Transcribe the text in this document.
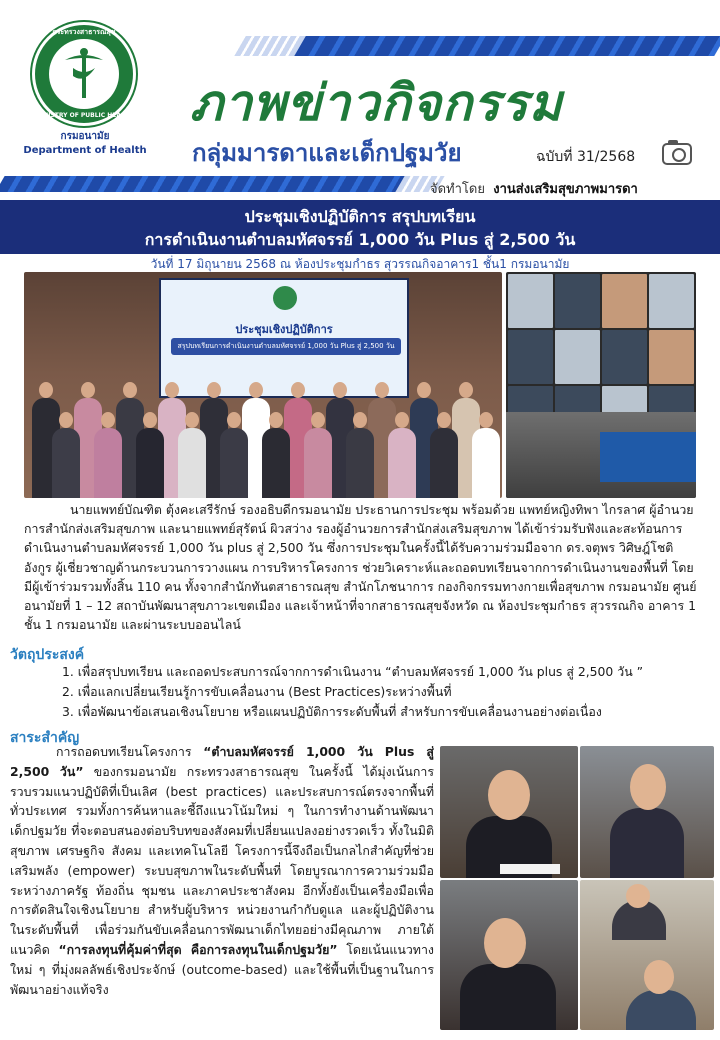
กระทรวงสาธารณสุข
MINISTRY OF PUBLIC HEALTH
กรมอนามัย
Department of Health
ภาพข่าวกิจกรรม
กลุ่มมารดาและเด็กปฐมวัย	ฉบับที่ 31/2568
จัดทำโดย งานส่งเสริมสุขภาพมารดา
ประชุมเชิงปฏิบัติการ สรุปบทเรียน
การดำเนินงานตำบลมหัศจรรย์ 1,000 วัน Plus สู่ 2,500 วัน
วันที่ 17 มิถุนายน 2568 ณ ห้องประชุมกำธร สุวรรณกิจอาคาร1 ชั้น1 กรมอนามัย
ประชุมเชิงปฏิบัติการ
สรุปบทเรียนการดำเนินงานตำบลมหัศจรรย์ 1,000 วัน Plus สู่ 2,500 วัน
นายแพทย์บัณฑิต ตุ้งคะเสรีรักษ์ รองอธิบดีกรมอนามัย ประธานการประชุม พร้อมด้วย แพทย์หญิงทิพา ไกรลาศ ผู้อำนวยการสำนักส่งเสริมสุขภาพ และนายแพทย์สุรัตน์ ผิวสว่าง รองผู้อำนวยการสำนักส่งเสริมสุขภาพ ได้เข้าร่วมรับฟังและสะท้อนการดำเนินงานตำบลมหัศจรรย์ 1,000 วัน plus สู่ 2,500 วัน ซึ่งการประชุมในครั้งนี้ได้รับความร่วมมือจาก ดร.จตุพร วิศิษฎ์โชติอังกูร ผู้เชี่ยวชาญด้านกระบวนการวางแผน การบริหารโครงการ ช่วยวิเคราะห์และถอดบทเรียนจากการดำเนินงานของพื้นที่ โดยมีผู้เข้าร่วมรวมทั้งสิ้น 110 คน ทั้งจากสำนักทันตสาธารณสุข สำนักโภชนาการ กองกิจกรรมทางกายเพื่อสุขภาพ กรมอนามัย ศูนย์อนามัยที่ 1 – 12 สถาบันพัฒนาสุขภาวะเขตเมือง และเจ้าหน้าที่จากสาธารณสุขจังหวัด ณ ห้องประชุมกำธร สุวรรณกิจ อาคาร 1 ชั้น 1 กรมอนามัย และผ่านระบบออนไลน์
วัตถุประสงค์
1. เพื่อสรุปบทเรียน และถอดประสบการณ์จากการดำเนินงาน “ตำบลมหัศจรรย์ 1,000 วัน plus สู่ 2,500 วัน ”
2. เพื่อแลกเปลี่ยนเรียนรู้การขับเคลื่อนงาน (Best Practices)ระหว่างพื้นที่
3. เพื่อพัฒนาข้อเสนอเชิงนโยบาย หรือแผนปฏิบัติการระดับพื้นที่ สำหรับการขับเคลื่อนงานอย่างต่อเนื่อง
สาระสำคัญ
การถอดบทเรียนโครงการ “ตำบลมหัศจรรย์ 1,000 วัน Plus สู่ 2,500 วัน” ของกรมอนามัย กระทรวงสาธารณสุข ในครั้งนี้ ได้มุ่งเน้นการรวบรวมแนวปฏิบัติที่เป็นเลิศ (best practices) และประสบการณ์ตรงจากพื้นที่ทั่วประเทศ รวมทั้งการค้นหาและชี้ถึงแนวโน้มใหม่ ๆ ในการทำงานด้านพัฒนาเด็กปฐมวัย ที่จะตอบสนองต่อบริบทของสังคมที่เปลี่ยนแปลงอย่างรวดเร็ว ทั้งในมิติสุขภาพ เศรษฐกิจ สังคม และเทคโนโลยี โครงการนี้จึงถือเป็นกลไกสำคัญที่ช่วยเสริมพลัง (empower) ระบบสุขภาพในระดับพื้นที่ โดยบูรณาการความร่วมมือระหว่างภาครัฐ ท้องถิ่น ชุมชน และภาคประชาสังคม อีกทั้งยังเป็นเครื่องมือเพื่อการตัดสินใจเชิงนโยบาย สำหรับผู้บริหาร หน่วยงานกำกับดูแล และผู้ปฏิบัติงานในระดับพื้นที่ เพื่อร่วมกันขับเคลื่อนการพัฒนาเด็กไทยอย่างมีคุณภาพ ภายใต้แนวคิด “การลงทุนที่คุ้มค่าที่สุด คือการลงทุนในเด็กปฐมวัย” โดยเน้นแนวทางใหม่ ๆ ที่มุ่งผลลัพธ์เชิงประจักษ์ (outcome-based) และใช้พื้นที่เป็นฐานในการพัฒนาอย่างแท้จริง
